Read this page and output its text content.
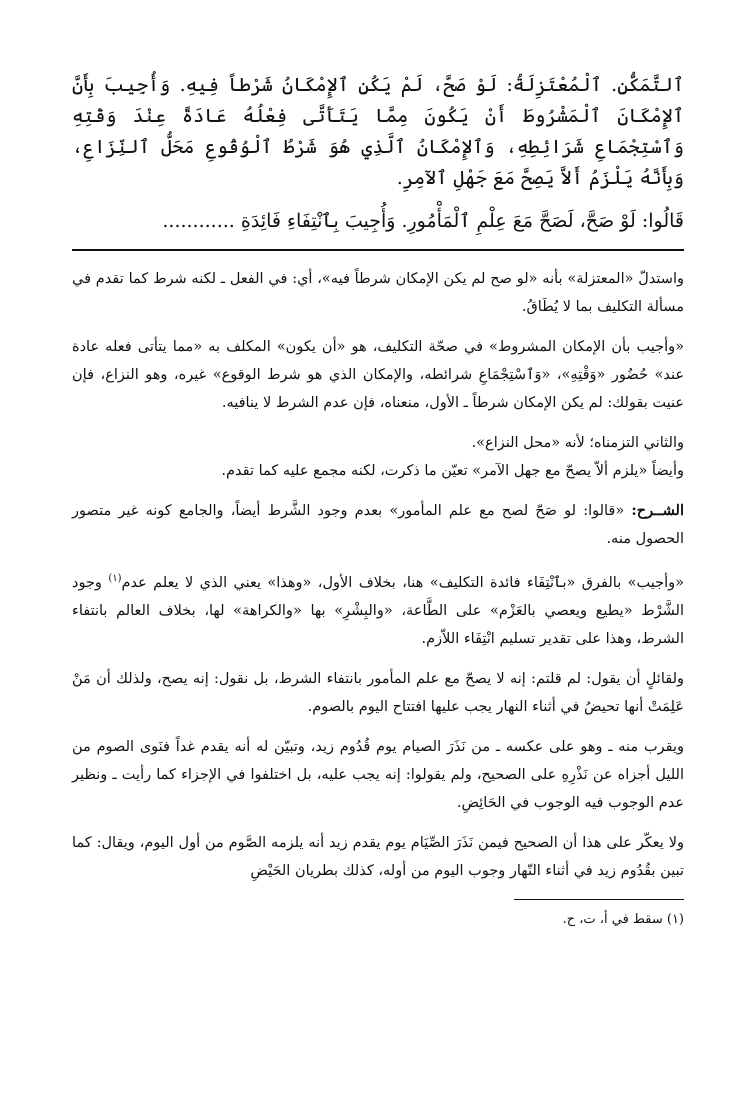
ٱلتَّمَكُّنِ. ٱلْمُعْتَزِلَةُ: لَوْ صَحَّ، لَمْ يَكُنِ ٱلإِمْكَانُ شَرْطاً فِيهِ. وَأُجِيبَ بِأَنَّ ٱلإِمْكَانَ ٱلْمَشْرُوطَ أَنْ يَكُونَ مِمَّا يَتَأَتَّى فِعْلُهُ عَادَةً عِنْدَ وَقْتِهِ وَٱسْتِجْمَاعِ شَرَائِطِهِ، وَٱلإِمْكَانُ ٱلَّذِي هُوَ شَرْطُ ٱلْوُقُوعِ مَحَلُّ ٱلنِّزَاعِ، وَبِأَنَّهُ يَلْزَمُ أَلاَّ يَصِحَّ مَعَ جَهْلِ ٱلآمِرِ.

قَالُوا: لَوْ صَحَّ، لَصَحَّ مَعَ عِلْمِ ٱلْمَأْمُورِ. وَأُجِيبَ بِٱنْتِفَاءِ فَائِدَةِ ............

واستدلّ «المعتزلة» بأنه «لو صح لم يكن الإمكان شرطاً فيه»، أي: في الفعل ـ لكنه شرط كما تقدم في مسألة التكليف بما لا يُطَاقُ.

«وأجيب بأن الإمكان المشروط» في صحّة التكليف، هو «أن يكون» المكلف به «مما يتأتى فعله عادة عند» حُضُور «وَقْتِهِ»، «وَٱسْتِجْمَاعِ شرائطه، والإمكان الذي هو شرط الوقوع» غيره، وهو النزاع، فإن عنيت بقولك: لم يكن الإمكان شرطاً ـ الأول، منعناه، فإن عدم الشرط لا ينافيه.

والثاني التزمناه؛ لأنه «محل النزاع».

وأيضاً «يلزم ألاّ يصحّ مع جهل الآمر» تعيّن ما ذكرت، لكنه مجمع عليه كما تقدم.

الشــرح: «قالوا: لو صَحّ لصح مع علم المأمور» بعدم وجود الشَّرط أيضاً، والجامع كونه غير متصور الحصول منه.

«وأجيب» بالفرق «بٱنْتِفَاء فائدة التكليف» هنا، بخلاف الأول، «وهذا» يعني الذي لا يعلم عدم$^{(١)}$ وجود الشَّرْط «يطيع ويعصي بالعَزْم» على الطَّاعة، «والبِشْرِ» بها «والكراهة» لها، بخلاف العالم بانتفاء الشرط، وهذا على تقدير تسليم انْتِفَاء اللاّزم.

ولقائلٍ أن يقول: لم قلتم: إنه لا يصحّ مع علم المأمور بانتفاء الشرط، بل نقول: إنه يصح، ولذلك أن مَنْ عَلِمَتْ أنها تحيضُ في أثناء النهار يجب عليها افتتاح اليوم بالصوم.

ويقرب منه ـ وهو على عكسه ـ من نَذَرَ الصيام يوم قُدُوم زيد، وتبيّن له أنه يقدم غداً فنَوى الصوم من الليل أجزاه عن نَذْرِهِ على الصحيح، ولم يقولوا: إنه يجب عليه، بل اختلفوا في الإجزاء كما رأيت ـ ونظير عدم الوجوب فيه الوجوب في الحَائِضِ.

ولا يعكّر على هذا أن الصحيح فيمن نَذَرَ الصِّيَام يوم يقدم زيد أنه يلزمه الصَّوم من أول اليوم، ويقال: كما تبين بقُدُوم زيد في أثناء النّهار وجوب اليوم من أوله، كذلك بطريان الحَيْضِ

(١) سقط في أ، ت، ح.
